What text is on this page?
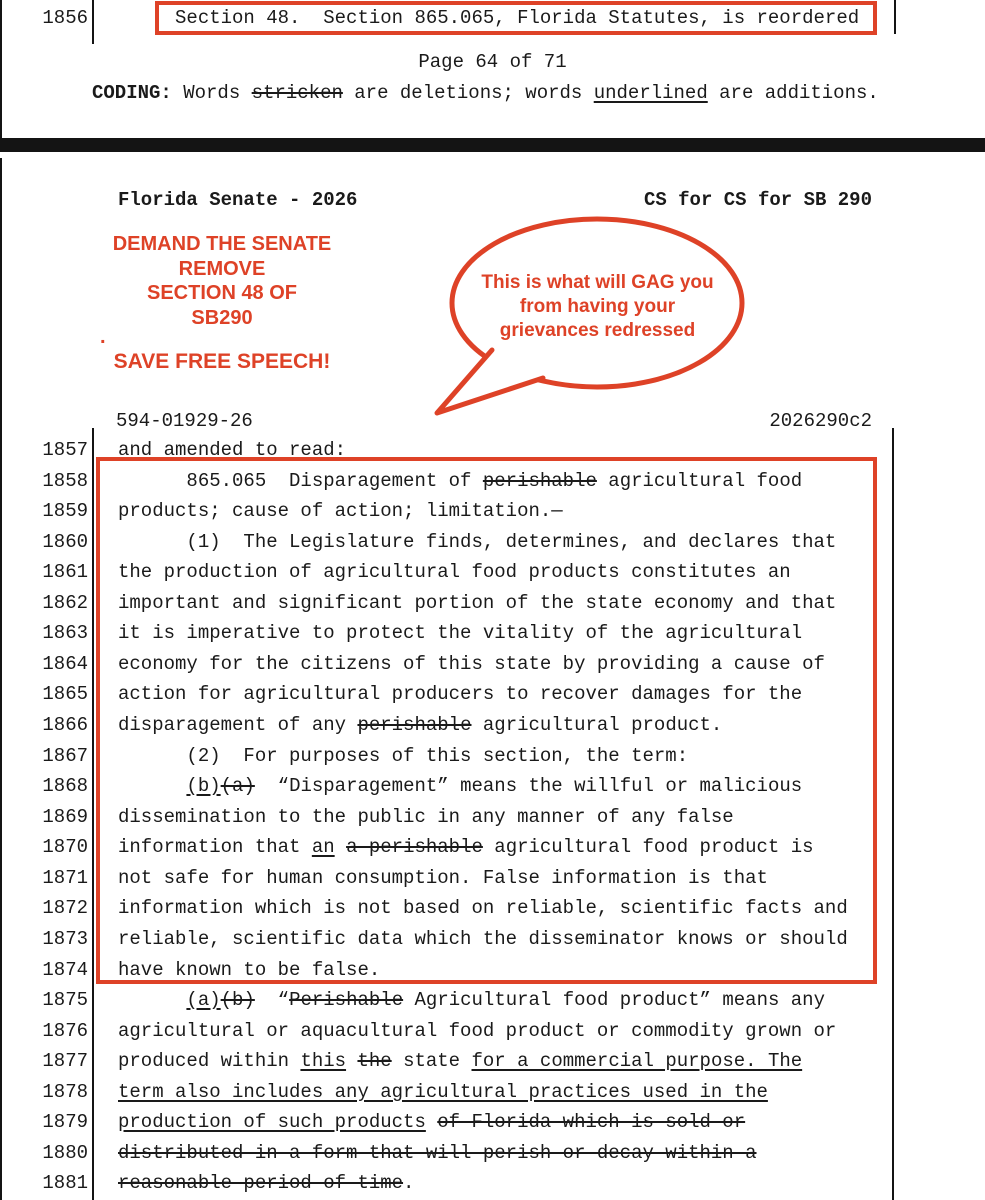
1856 Section 48.  Section 865.065, Florida Statutes, is reordered
Page 64 of 71
CODING: Words stricken are deletions; words underlined are additions.
Florida Senate - 2026	CS for CS for SB 290
DEMAND THE SENATE
REMOVE
SECTION 48 OF
SB290
.
SAVE FREE SPEECH!
This is what will GAG you
from having your
grievances redressed
594-01929-26	2026290c2
1857 and amended to read:
1858 865.065  Disparagement of perishable agricultural food
1859 products; cause of action; limitation.—
1860 (1)  The Legislature finds, determines, and declares that
1861 the production of agricultural food products constitutes an
1862 important and significant portion of the state economy and that
1863 it is imperative to protect the vitality of the agricultural
1864 economy for the citizens of this state by providing a cause of
1865 action for agricultural producers to recover damages for the
1866 disparagement of any perishable agricultural product.
1867 (2)  For purposes of this section, the term:
1868	(b)(a)  “Disparagement” means the willful or malicious
1869 dissemination to the public in any manner of any false
1870 information that an a perishable agricultural food product is
1871 not safe for human consumption. False information is that
1872 information which is not based on reliable, scientific facts and
1873 reliable, scientific data which the disseminator knows or should
1874 have known to be false.
1875	(a)(b)  “Perishable Agricultural food product” means any
1876 agricultural or aquacultural food product or commodity grown or
1877 produced within this the state for a commercial purpose. The
1878 term also includes any agricultural practices used in the
1879 production of such products of Florida which is sold or
1880 distributed in a form that will perish or decay within a
1881 reasonable period of time.
